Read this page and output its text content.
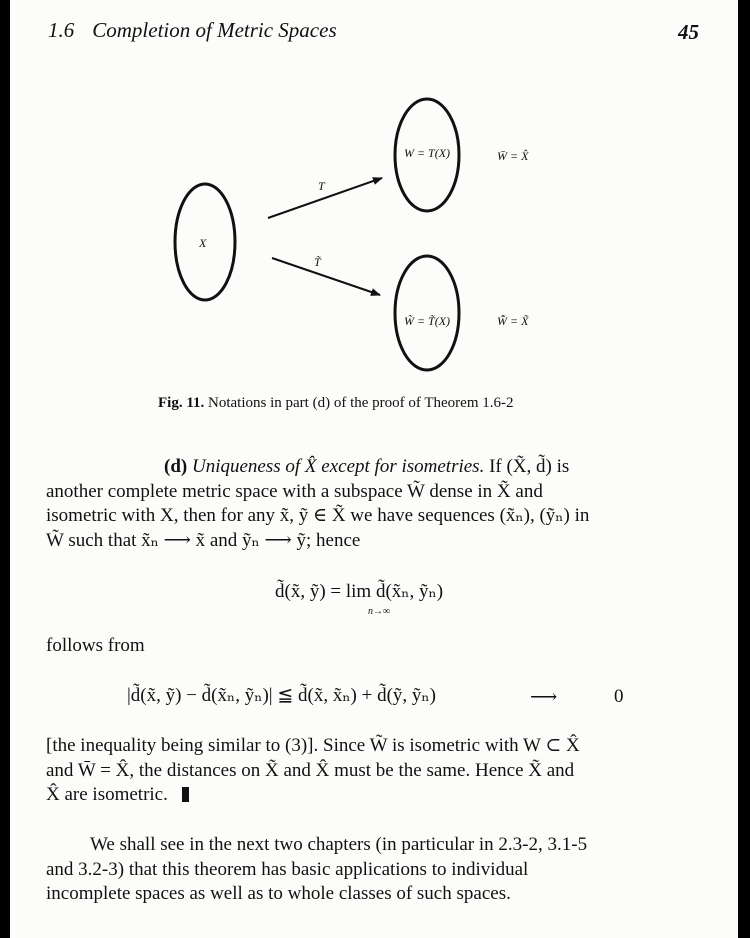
1.6 Completion of Metric Spaces	45
X
W = T(X)
W̃ = T̃(X)
T
T̃
W̄ = X̂
W̃̄ = X̃
Fig. 11. Notations in part (d) of the proof of Theorem 1.6-2
(d) Uniqueness of X̂ except for isometries. If (X̃, d̃) is
another complete metric space with a subspace W̃ dense in X̃ and
isometric with X, then for any x̃, ỹ ∈ X̃ we have sequences (x̃ₙ), (ỹₙ) in
W̃ such that x̃ₙ ⟶ x̃ and ỹₙ ⟶ ỹ; hence
d̃(x̃, ỹ) = lim d̃(x̃ₙ, ỹₙ)
n→∞
follows from
|d̃(x̃, ỹ) − d̃(x̃ₙ, ỹₙ)| ≦ d̃(x̃, x̃ₙ) + d̃(ỹ, ỹₙ)	⟶	0
[the inequality being similar to (3)]. Since W̃ is isometric with W ⊂ X̂
and W̄ = X̂, the distances on X̃ and X̂ must be the same. Hence X̃ and
X̂ are isometric.
We shall see in the next two chapters (in particular in 2.3-2, 3.1-5
and 3.2-3) that this theorem has basic applications to individual
incomplete spaces as well as to whole classes of such spaces.
